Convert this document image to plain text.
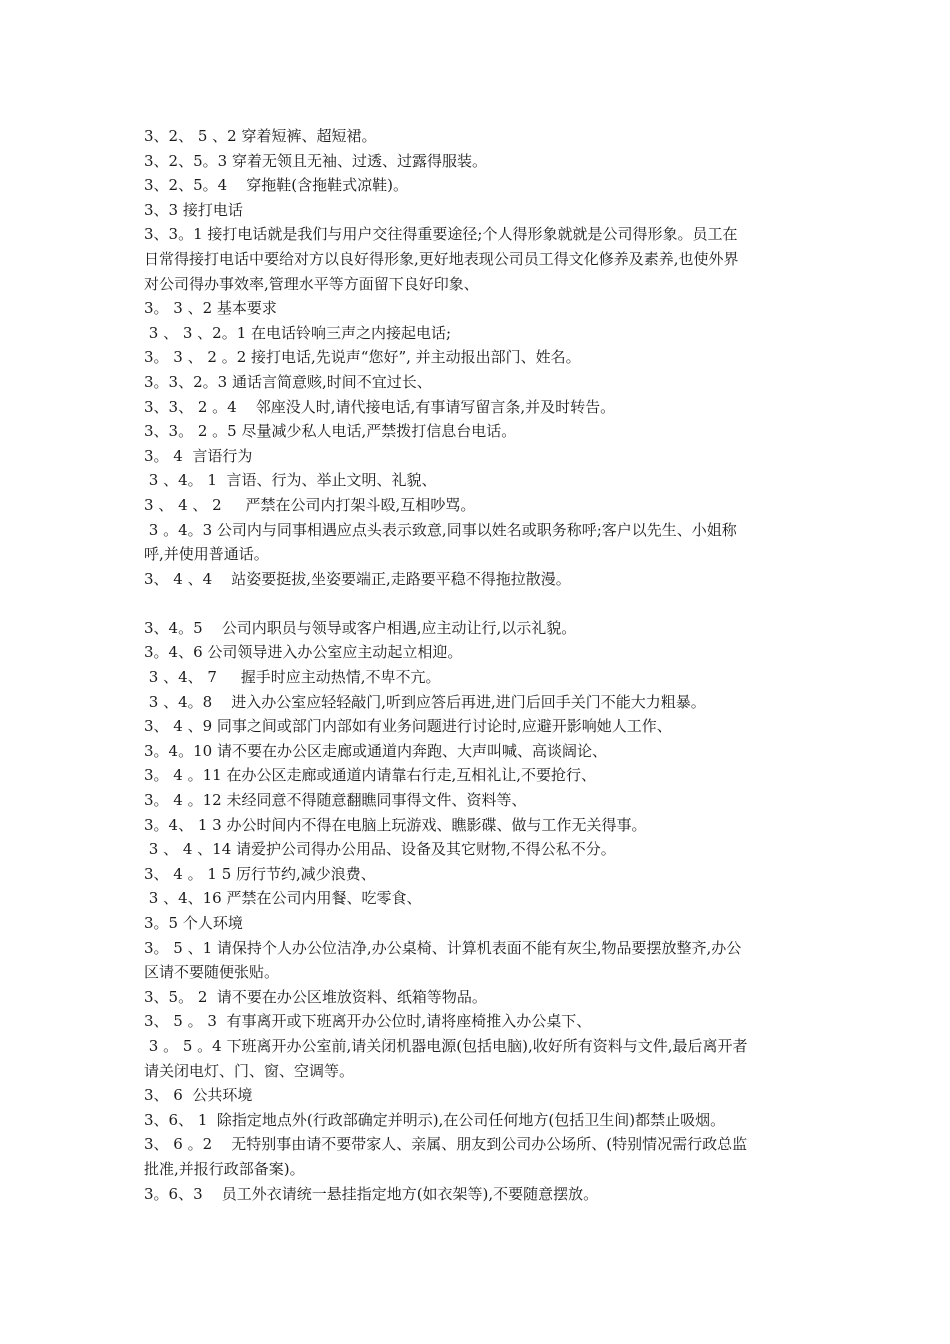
3、2、 5 、2 穿着短裤、超短裙。
3、2、5。3 穿着无领且无袖、过透、过露得服装。
3、2、5。4    穿拖鞋(含拖鞋式凉鞋)。
3、3 接打电话
3、3。1 接打电话就是我们与用户交往得重要途径;个人得形象就就是公司得形象。员工在
日常得接打电话中要给对方以良好得形象,更好地表现公司员工得文化修养及素养,也使外界
对公司得办事效率,管理水平等方面留下良好印象、
3。 3 、2 基本要求
3 、 3 、2。1 在电话铃响三声之内接起电话;
3。 3 、 2 。2 接打电话,先说声“您好”, 并主动报出部门、姓名。
3。3、2。3 通话言简意赅,时间不宜过长、
3、3、 2 。4    邻座没人时,请代接电话,有事请写留言条,并及时转告。
3、3。 2 。5 尽量减少私人电话,严禁拨打信息台电话。
3。 4  言语行为
3 、4。 1  言语、行为、举止文明、礼貌、
3 、 4 、 2     严禁在公司内打架斗殴,互相吵骂。
3 。4。3 公司内与同事相遇应点头表示致意,同事以姓名或职务称呼;客户以先生、小姐称
呼,并使用普通话。
3、 4 、4    站姿要挺拔,坐姿要端正,走路要平稳不得拖拉散漫。
3、4。5    公司内职员与领导或客户相遇,应主动让行,以示礼貌。
3。4、6 公司领导进入办公室应主动起立相迎。
3 、4、 7     握手时应主动热情,不卑不亢。
3 、4。8    进入办公室应轻轻敲门,听到应答后再进,进门后回手关门不能大力粗暴。
3、 4 、9 同事之间或部门内部如有业务问题进行讨论时,应避开影响她人工作、
3。4。10 请不要在办公区走廊或通道内奔跑、大声叫喊、高谈阔论、
3。 4 。11 在办公区走廊或通道内请靠右行走,互相礼让,不要抢行、
3。 4 。12 未经同意不得随意翻瞧同事得文件、资料等、
3。4、 1 3 办公时间内不得在电脑上玩游戏、瞧影碟、做与工作无关得事。
3 、 4 、14 请爱护公司得办公用品、设备及其它财物,不得公私不分。
3、 4 。 1 5 厉行节约,减少浪费、
3 、4、16 严禁在公司内用餐、吃零食、
3。5 个人环境
3。 5 、1 请保持个人办公位洁净,办公桌椅、计算机表面不能有灰尘,物品要摆放整齐,办公
区请不要随便张贴。
3、5。 2  请不要在办公区堆放资料、纸箱等物品。
3、 5 。 3  有事离开或下班离开办公位时,请将座椅推入办公桌下、
3 。 5 。4 下班离开办公室前,请关闭机器电源(包括电脑),收好所有资料与文件,最后离开者
请关闭电灯、门、窗、空调等。
3、 6  公共环境
3、6、 1  除指定地点外(行政部确定并明示),在公司任何地方(包括卫生间)都禁止吸烟。
3、 6 。2    无特别事由请不要带家人、亲属、朋友到公司办公场所、(特别情况需行政总监
批准,并报行政部备案)。
3。6、3    员工外衣请统一悬挂指定地方(如衣架等),不要随意摆放。
